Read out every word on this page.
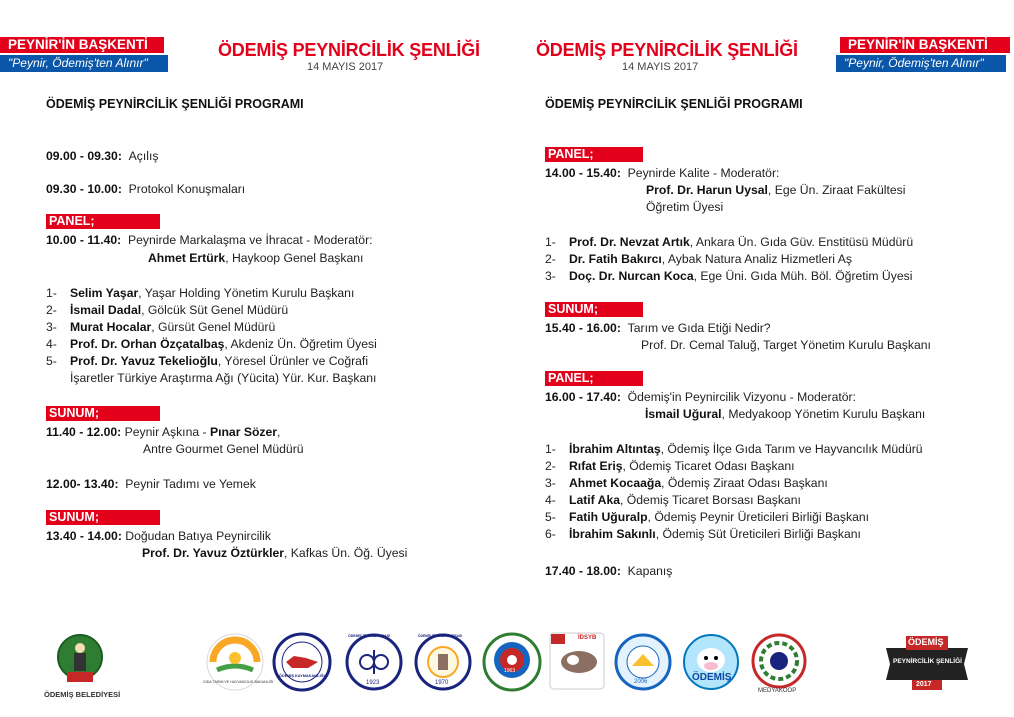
PEYNİR'İN BAŞKENTİ
"Peynir, Ödemiş'ten Alınır"
ÖDEMİŞ PEYNİRCİLİK ŞENLİĞİ
14 MAYIS 2017
ÖDEMİŞ PEYNİRCİLİK ŞENLİĞİ
14 MAYIS 2017
PEYNİR'İN BAŞKENTİ
"Peynir, Ödemiş'ten Alınır"
ÖDEMİŞ PEYNİRCİLİK ŞENLİĞİ PROGRAMI
09.00 - 09.30: Açılış
09.30 - 10.00: Protokol Konuşmaları
PANEL;
10.00 - 11.40: Peynirde Markalaşma ve İhracat - Moderatör:
Ahmet Ertürk, Haykoop Genel Başkanı
1- Selim Yaşar, Yaşar Holding Yönetim Kurulu Başkanı
2- İsmail Dadal, Gölcük Süt Genel Müdürü
3- Murat Hocalar, Gürsüt Genel Müdürü
4- Prof. Dr. Orhan Özçatalbaş, Akdeniz Ün. Öğretim Üyesi
5- Prof. Dr. Yavuz Tekelioğlu, Yöresel Ürünler ve Coğrafi
İşaretler Türkiye Araştırma Ağı (Yücita) Yür. Kur. Başkanı
SUNUM;
11.40 - 12.00: Peynir Aşkına - Pınar Sözer,
Antre Gourmet Genel Müdürü
12.00- 13.40: Peynir Tadımı ve Yemek
SUNUM;
13.40 - 14.00: Doğudan Batıya Peynircilik
Prof. Dr. Yavuz Öztürkler, Kafkas Ün. Öğ. Üyesi
ÖDEMİŞ PEYNİRCİLİK ŞENLİĞİ PROGRAMI
PANEL;
14.00 - 15.40: Peynirde Kalite - Moderatör:
Prof. Dr. Harun Uysal, Ege Ün. Ziraat Fakültesi
Öğretim Üyesi
1- Prof. Dr. Nevzat Artık, Ankara Ün. Gıda Güv. Enstitüsü Müdürü
2- Dr. Fatih Bakırcı, Aybak Natura Analiz Hizmetleri Aş
3- Doç. Dr. Nurcan Koca, Ege Üni. Gıda Müh. Böl. Öğretim Üyesi
SUNUM;
15.40 - 16.00: Tarım ve Gıda Etiği Nedir?
Prof. Dr. Cemal Taluğ, Target Yönetim Kurulu Başkanı
PANEL;
16.00 - 17.40: Ödemiş'in Peynircilik Vizyonu - Moderatör:
İsmail Uğural, Medyakoop Yönetim Kurulu Başkanı
1- İbrahim Altıntaş, Ödemiş İlçe Gıda Tarım ve Hayvancılık Müdürü
2- Rıfat Eriş, Ödemiş Ticaret Odası Başkanı
3- Ahmet Kocaağa, Ödemiş Ziraat Odası Başkanı
4- Latif Aka, Ödemiş Ticaret Borsası Başkanı
5- Fatih Uğuralp, Ödemiş Peynir Üreticileri Birliği Başkanı
6- İbrahim Sakınlı, Ödemiş Süt Üreticileri Birliği Başkanı
17.40 - 18.00: Kapanış
ÖDEMİŞ BELEDİYESİ
GIDA TARIM VE HAYVANCILIK BAKANLIĞI
ÖDEMİŞ KAYMAKAMLIĞI
1923
ÖDEMİŞ TİCARET ODASI
1970
ÖDEMİŞ TİCARET BORSASI
1963
İDSYB
2006	ÖDEMİŞ
MEDYAKOOP
ÖDEMİŞ
PEYNİRCİLİK ŞENLİĞİ
2017
